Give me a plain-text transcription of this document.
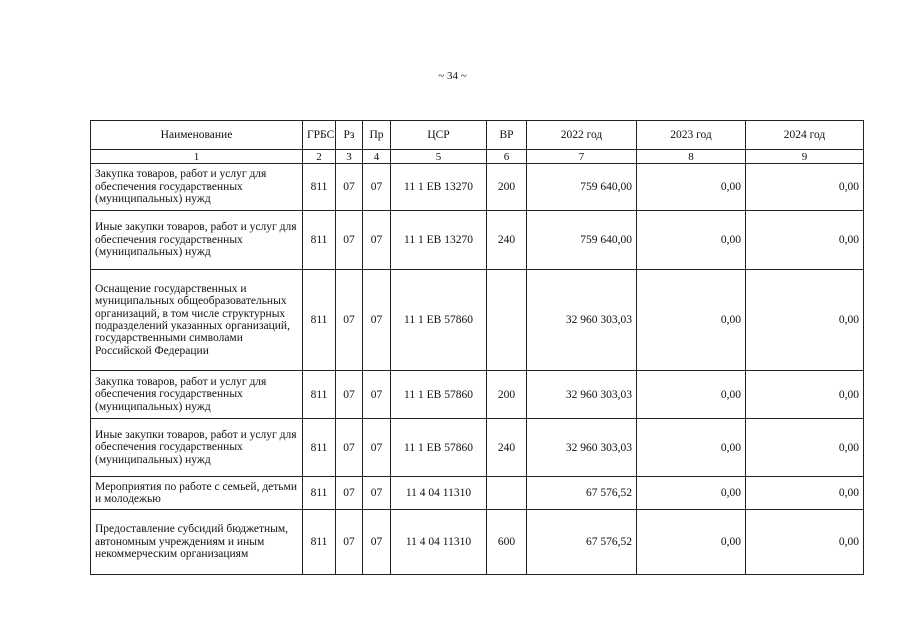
~ 34 ~
Наименование	ГРБС	Рз	Пр	ЦСР	ВР	2022 год	2023 год	2024 год
1	2	3	4	5	6	7	8	9
Закупка товаров, работ и услуг для обеспечения государственных (муниципальных) нужд	811	07	07	11 1 EB 13270	200	759 640,00	0,00	0,00
Иные закупки товаров, работ и услуг для обеспечения государственных (муниципальных) нужд	811	07	07	11 1 EB 13270	240	759 640,00	0,00	0,00
Оснащение государственных и муниципальных общеобразовательных организаций, в том числе структурных подразделений указанных организаций, государственными символами Российской Федерации	811	07	07	11 1 EB 57860		32 960 303,03	0,00	0,00
Закупка товаров, работ и услуг для обеспечения государственных (муниципальных) нужд	811	07	07	11 1 EB 57860	200	32 960 303,03	0,00	0,00
Иные закупки товаров, работ и услуг для обеспечения государственных (муниципальных) нужд	811	07	07	11 1 EB 57860	240	32 960 303,03	0,00	0,00
Мероприятия по работе с семьей, детьми и молодежью	811	07	07	11 4 04 11310		67 576,52	0,00	0,00
Предоставление субсидий бюджетным, автономным учреждениям и иным некоммерческим организациям	811	07	07	11 4 04 11310	600	67 576,52	0,00	0,00
